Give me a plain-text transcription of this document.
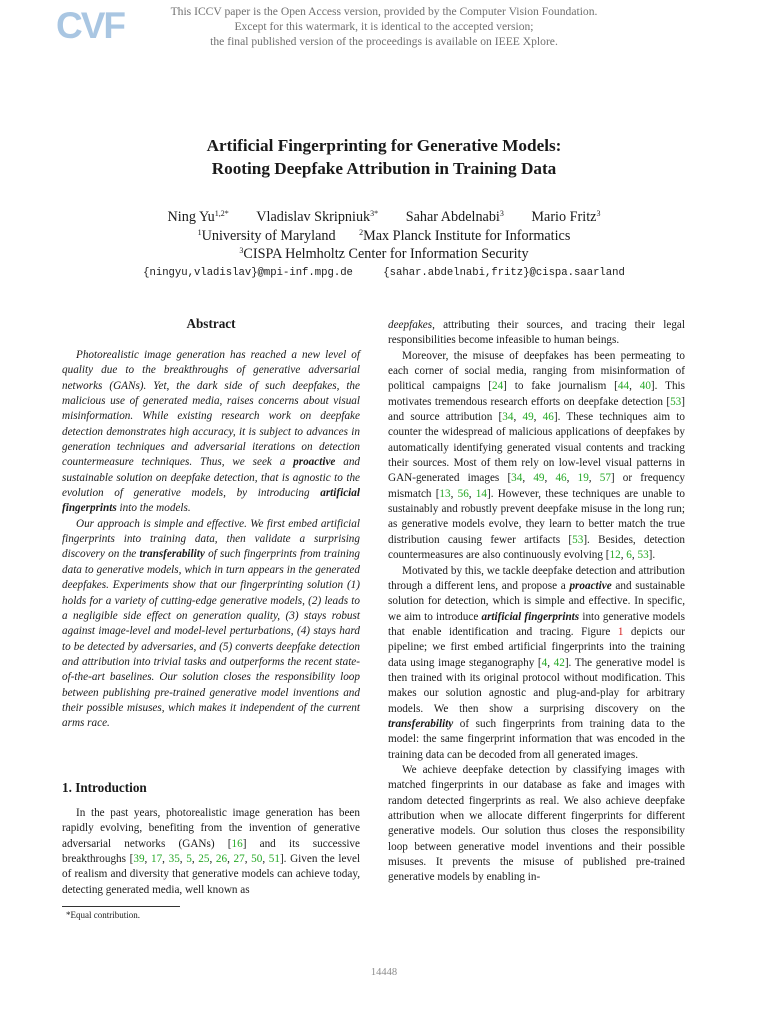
CVF	This ICCV paper is the Open Access version, provided by the Computer Vision Foundation.
Except for this watermark, it is identical to the accepted version;
the final published version of the proceedings is available on IEEE Xplore.
Artificial Fingerprinting for Generative Models:
Rooting Deepfake Attribution in Training Data
Ning $Yu^{1,2*}$ Vladislav Skripniuk$^{3*}$ Sahar Abdelnabi$^3$ Mario Fritz$^3$
$^1$University of Maryland	$^2$Max Planck Institute for Informatics
$^3$CISPA Helmholtz Center for Information Security
{ningyu,vladislav}@mpi-inf.mpg.de	{sahar.abdelnabi,fritz}@cispa.saarland
Abstract

Photorealistic image generation has reached a new level of quality due to the breakthroughs of generative adversarial networks (GANs). Yet, the dark side of such deepfakes, the malicious use of generated media, raises concerns about visual misinformation. While existing research work on deepfake detection demonstrates high accuracy, it is subject to advances in generation techniques and adversarial iterations on detection countermeasure techniques. Thus, we seek a proactive and sustainable solution on deepfake detection, that is agnostic to the evolution of generative models, by introducing artificial fingerprints into the models.

Our approach is simple and effective. We first embed artificial fingerprints into training data, then validate a surprising discovery on the transferability of such fingerprints from training data to generative models, which in turn appears in the generated deepfakes. Experiments show that our fingerprinting solution (1) holds for a variety of cutting-edge generative models, (2) leads to a negligible side effect on generation quality, (3) stays robust against image-level and model-level perturbations, (4) stays hard to be detected by adversaries, and (5) converts deepfake detection and attribution into trivial tasks and outperforms the recent state-of-the-art baselines. Our solution closes the responsibility loop between publishing pre-trained generative model inventions and their possible misuses, which makes it independent of the current arms race.

1. Introduction

In the past years, photorealistic image generation has been rapidly evolving, benefiting from the invention of generative adversarial networks (GANs) [16] and its successive breakthroughs [39, 17, 35, 5, 25, 26, 27, 50, 51]. Given the level of realism and diversity that generative models can achieve today, detecting generated media, well known as

*Equal contribution.

deepfakes, attributing their sources, and tracing their legal responsibilities become infeasible to human beings.

Moreover, the misuse of deepfakes has been permeating to each corner of social media, ranging from misinformation of political campaigns [24] to fake journalism [44, 40]. This motivates tremendous research efforts on deepfake detection [53] and source attribution [34, 49, 46]. These techniques aim to counter the widespread of malicious applications of deepfakes by automatically identifying generated visual contents and tracking their sources. Most of them rely on low-level visual patterns in GAN-generated images [34, 49, 46, 19, 57] or frequency mismatch [13, 56, 14]. However, these techniques are unable to sustainably and robustly prevent deepfake misuse in the long run; as generative models evolve, they learn to better match the true distribution causing fewer artifacts [53]. Besides, detection countermeasures are also continuously evolving [12, 6, 53].

Motivated by this, we tackle deepfake detection and attribution through a different lens, and propose a proactive and sustainable solution for detection, which is simple and effective. In specific, we aim to introduce artificial fingerprints into generative models that enable identification and tracing. Figure 1 depicts our pipeline; we first embed artificial fingerprints into the training data using image steganography [4, 42]. The generative model is then trained with its original protocol without modification. This makes our solution agnostic and plug-and-play for arbitrary models. We then show a surprising discovery on the transferability of such fingerprints from training data to the model: the same fingerprint information that was encoded in the training data can be decoded from all generated images.

We achieve deepfake detection by classifying images with matched fingerprints in our database as fake and images with random detected fingerprints as real. We also achieve deepfake attribution when we allocate different fingerprints for different generative models. Our solution thus closes the responsibility loop between generative model inventions and their possible misuses. It prevents the misuse of published pre-trained generative models by enabling in-

14448
